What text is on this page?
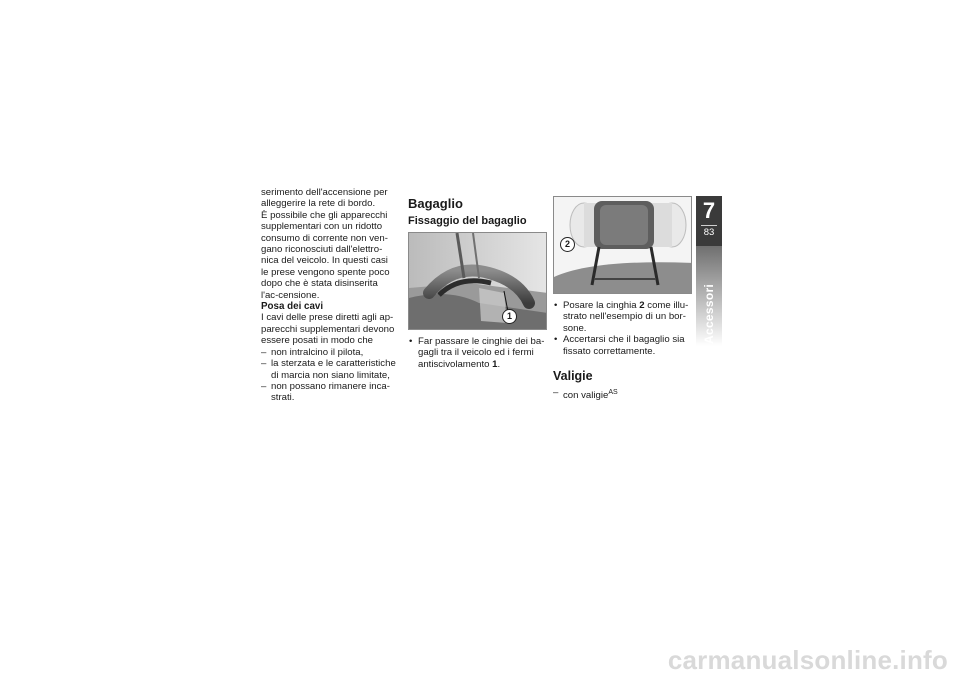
serimento dell'accensione per alleggerire la rete di bordo.

È possibile che gli apparecchi supplementari con un ridotto consumo di corrente non ven-gano riconosciuti dall'elettro-nica del veicolo. In questi casi le prese vengono spente poco dopo che è stata disinserita l'ac-censione.

Posa dei cavi

I cavi delle prese diretti agli ap-parecchi supplementari devono essere posati in modo che

– non intralcino il pilota,
– la sterzata e le caratteristiche di marcia non siano limitate,
– non possano rimanere inca-strati.
Bagaglio
Fissaggio del bagaglio
1
• Far passare le cinghie dei ba-gagli tra il veicolo ed i fermi antiscivolamento 1.
2
• Posare la cinghia 2 come illu-strato nell'esempio di un bor-sone.
• Accertarsi che il bagaglio sia fissato correttamente.
Valigie
– con valigie$^{AS}$
7
83
Accessori
carmanualsonline.info
